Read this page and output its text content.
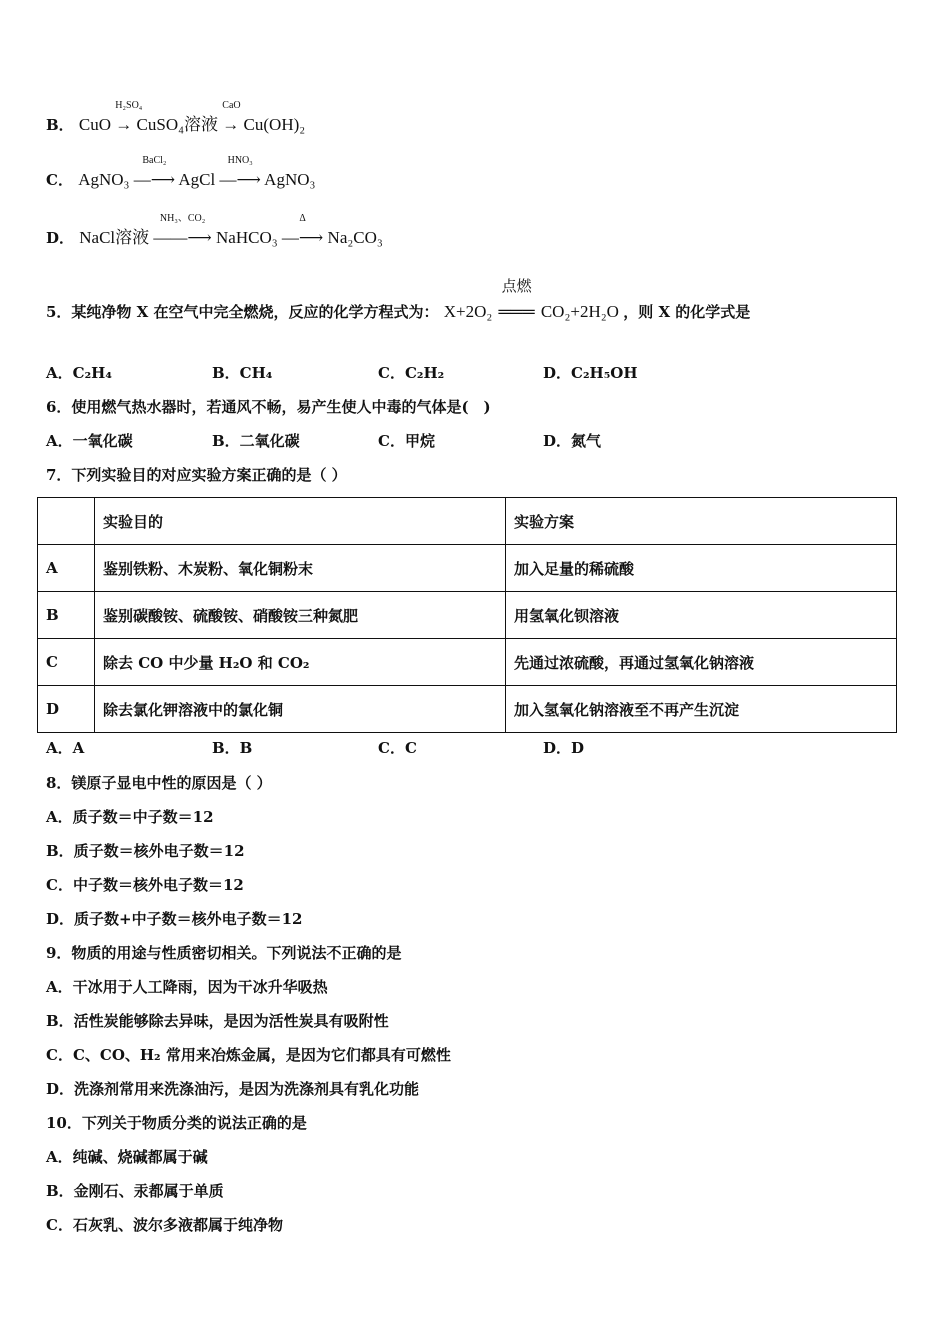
B． CuO
H₂SO₄
→ CuSO₄溶液
CaO
→ Cu(OH)₂
C． AgNO₃
BaCl₂
—⟶ AgCl
HNO₃
—⟶ AgNO₃
D． NaCl溶液
NH₃、CO₂
——⟶ NaHCO₃
Δ
—⟶ Na₂CO₃
5．某纯净物 X 在空气中完全燃烧，反应的化学方程式为： X+2O₂
点燃
═══ CO₂+2H₂O ，则 X 的化学式是
A．C₂H₄	B．CH₄	C．C₂H₂	D．C₂H₅OH
6．使用燃气热水器时，若通风不畅，易产生使人中毒的气体是(　)
A．一氧化碳	B．二氧化碳	C．甲烷	D．氮气
7．下列实验目的对应实验方案正确的是（ ）
	实验目的	实验方案
A	鉴别铁粉、木炭粉、氧化铜粉末	加入足量的稀硫酸
B	鉴别碳酸铵、硫酸铵、硝酸铵三种氮肥	用氢氧化钡溶液
C	除去 CO 中少量 H₂O 和 CO₂	先通过浓硫酸，再通过氢氧化钠溶液
D	除去氯化钾溶液中的氯化铜	加入氢氧化钠溶液至不再产生沉淀
A．A	B．B	C．C	D．D
8．镁原子显电中性的原因是（ ）
A．质子数＝中子数＝12
B．质子数＝核外电子数＝12
C．中子数＝核外电子数＝12
D．质子数+中子数＝核外电子数＝12
9．物质的用途与性质密切相关。下列说法不正确的是
A．干冰用于人工降雨，因为干冰升华吸热
B．活性炭能够除去异味，是因为活性炭具有吸附性
C．C、CO、H₂ 常用来冶炼金属，是因为它们都具有可燃性
D．洗涤剂常用来洗涤油污，是因为洗涤剂具有乳化功能
10．下列关于物质分类的说法正确的是
A．纯碱、烧碱都属于碱
B．金刚石、汞都属于单质
C．石灰乳、波尔多液都属于纯净物
